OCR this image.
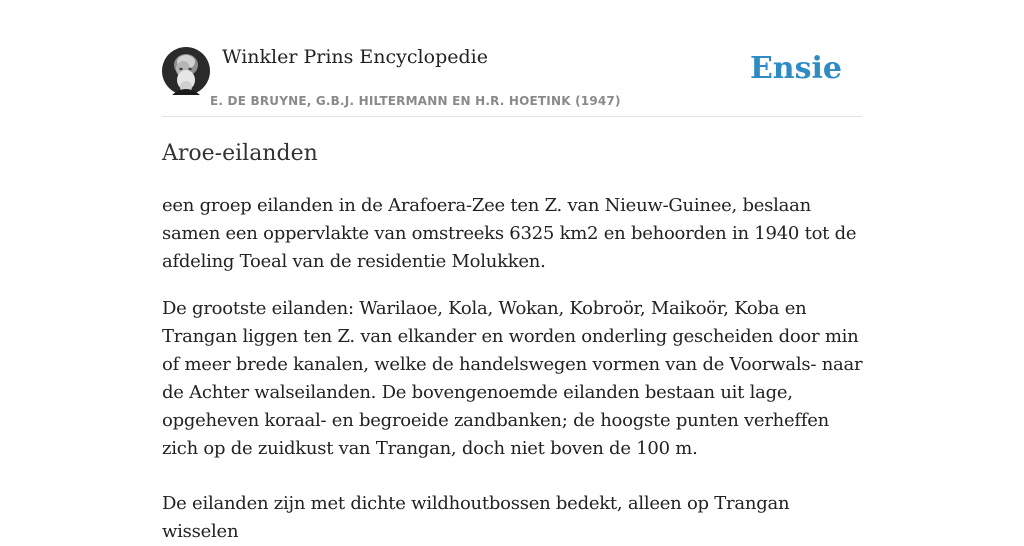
Winkler Prins Encyclopedie
E. DE BRUYNE, G.B.J. HILTERMANN EN H.R. HOETINK (1947)
Ensie
Aroe-eilanden

een groep eilanden in de Arafoera-Zee ten Z. van Nieuw-Guinee, beslaan samen een oppervlakte van omstreeks 6325 km2 en behoorden in 1940 tot de afdeling Toeal van de residentie Molukken.

De grootste eilanden: Warilaoe, Kola, Wokan, Kobroör, Maikoör, Koba en Trangan liggen ten Z. van elkander en worden onderling gescheiden door min of meer brede kanalen, welke de handelswegen vormen van de Voorwals- naar de Achter walseilanden. De bovengenoemde eilanden bestaan uit lage, opgeheven koraal- en begroeide zandbanken; de hoogste punten verheffen zich op de zuidkust van Trangan, doch niet boven de 100 m.

De eilanden zijn met dichte wildhoutbossen bedekt, alleen op Trangan wisselen
